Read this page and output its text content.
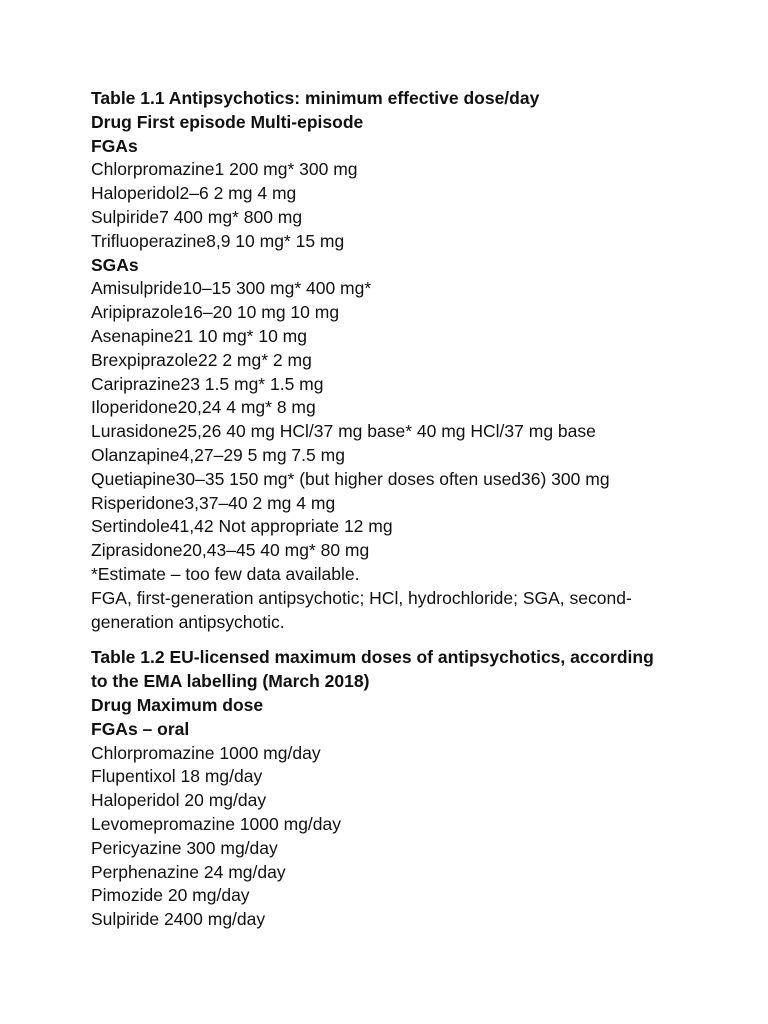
Table 1.1 Antipsychotics: minimum effective dose/day

Drug First episode Multi-episode

FGAs

Chlorpromazine1 200 mg* 300 mg

Haloperidol2–6 2 mg 4 mg

Sulpiride7 400 mg* 800 mg

Trifluoperazine8,9 10 mg* 15 mg

SGAs

Amisulpride10–15 300 mg* 400 mg*

Aripiprazole16–20 10 mg 10 mg

Asenapine21 10 mg* 10 mg

Brexpiprazole22 2 mg* 2 mg

Cariprazine23 1.5 mg* 1.5 mg

Iloperidone20,24 4 mg* 8 mg

Lurasidone25,26 40 mg HCl/37 mg base* 40 mg HCl/37 mg base

Olanzapine4,27–29 5 mg 7.5 mg

Quetiapine30–35 150 mg* (but higher doses often used36) 300 mg

Risperidone3,37–40 2 mg 4 mg

Sertindole41,42 Not appropriate 12 mg

Ziprasidone20,43–45 40 mg* 80 mg

*Estimate – too few data available.

FGA, first-generation antipsychotic; HCl, hydrochloride; SGA, second-

generation antipsychotic.

Table 1.2 EU-licensed maximum doses of antipsychotics, according

to the EMA labelling (March 2018)

Drug Maximum dose

FGAs – oral

Chlorpromazine 1000 mg/day

Flupentixol 18 mg/day

Haloperidol 20 mg/day

Levomepromazine 1000 mg/day

Pericyazine 300 mg/day

Perphenazine 24 mg/day

Pimozide 20 mg/day

Sulpiride 2400 mg/day
